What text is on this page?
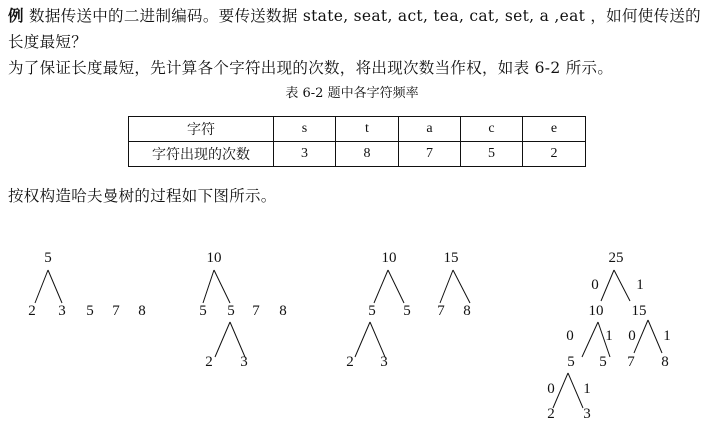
例 数据传送中的二进制编码。要传送数据 state, seat, act, tea, cat, set, a ,eat ，如何使传送的
长度最短？
为了保证长度最短，先计算各个字符出现的次数，将出现次数当作权，如表 6-2 所示。
表 6-2 题中各字符频率
字符	s	t	a	c	e
字符出现的次数	3	8	7	5	2
按权构造哈夫曼树的过程如下图所示。
5
2 3 5 7 8
10
5 5 7 8
2 3
10	15
5 5 7 8
2 3
25
10 15
5 5 7 8
2 3
0	1
0 1 0 1
0 1
